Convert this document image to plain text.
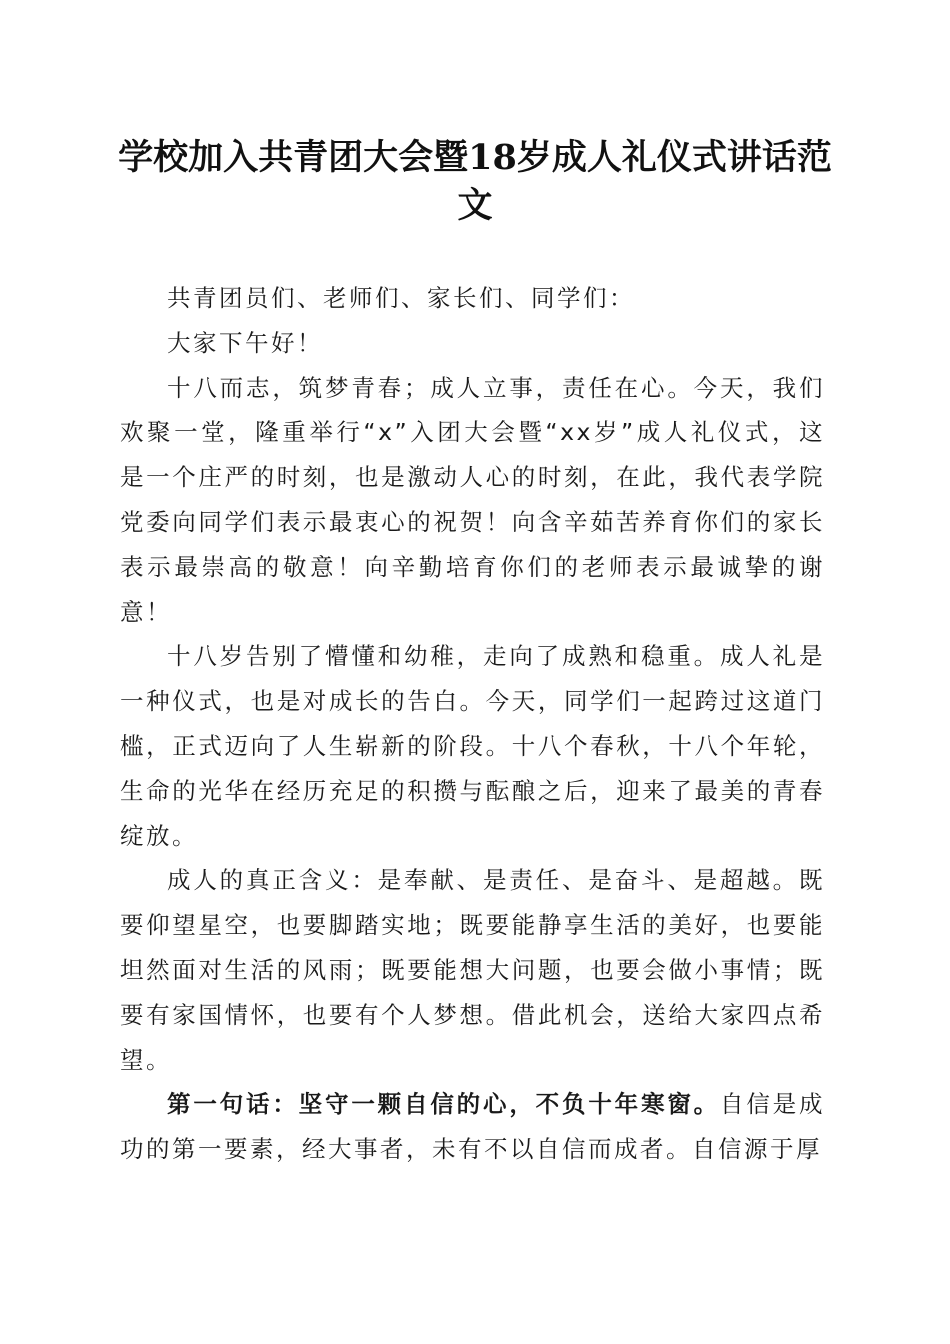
学校加入共青团大会暨18岁成人礼仪式讲话范文

共青团员们、老师们、家长们、同学们：

大家下午好！

十八而志，筑梦青春；成人立事，责任在心。今天，我们欢聚一堂，隆重举行“x”入团大会暨“xx岁”成人礼仪式，这是一个庄严的时刻，也是激动人心的时刻，在此，我代表学院党委向同学们表示最衷心的祝贺！向含辛茹苦养育你们的家长表示最崇高的敬意！向辛勤培育你们的老师表示最诚挚的谢意！

十八岁告别了懵懂和幼稚，走向了成熟和稳重。成人礼是一种仪式，也是对成长的告白。今天，同学们一起跨过这道门槛，正式迈向了人生崭新的阶段。十八个春秋，十八个年轮，生命的光华在经历充足的积攒与酝酿之后，迎来了最美的青春绽放。

成人的真正含义：是奉献、是责任、是奋斗、是超越。既要仰望星空，也要脚踏实地；既要能静享生活的美好，也要能坦然面对生活的风雨；既要能想大问题，也要会做小事情；既要有家国情怀，也要有个人梦想。借此机会，送给大家四点希望。

第一句话：坚守一颗自信的心，不负十年寒窗。自信是成功的第一要素，经大事者，未有不以自信而成者。自信源于厚
